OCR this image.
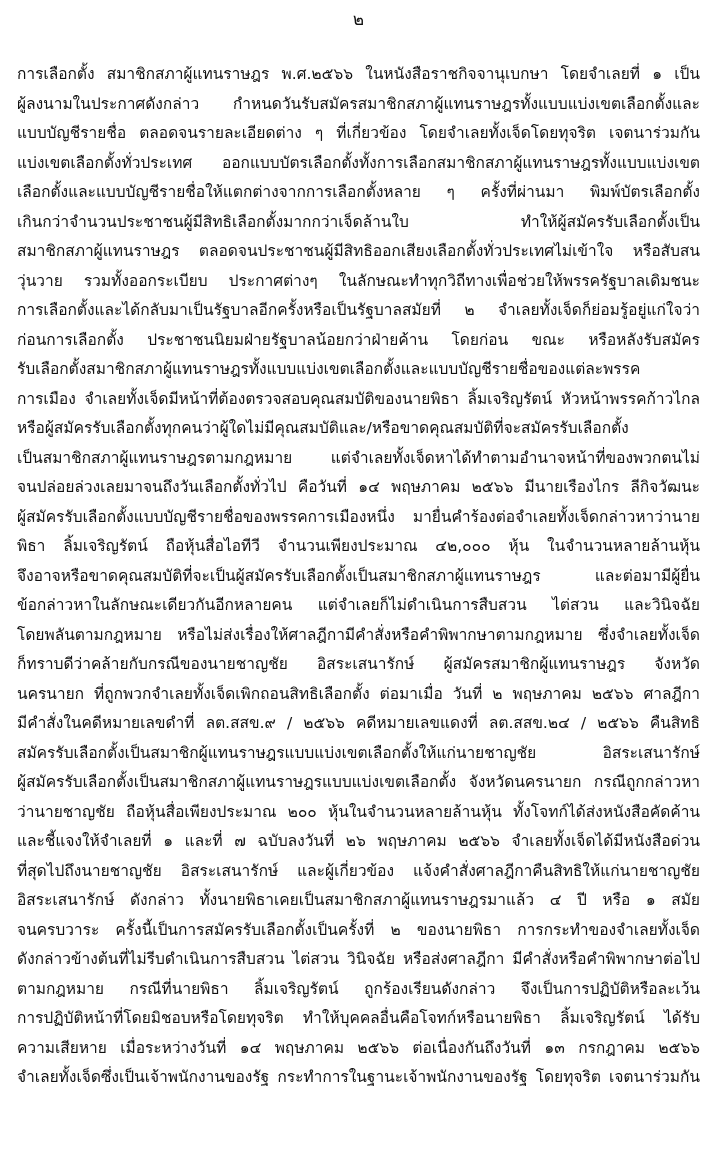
๒
การเลือกตั้ง สมาชิกสภาผู้แทนราษฎร พ.ศ.๒๕๖๖ ในหนังสือราชกิจจานุเบกษา โดยจำเลยที่ ๑ เป็น
ผู้ลงนามในประกาศดังกล่าว กำหนดวันรับสมัครสมาชิกสภาผู้แทนราษฎรทั้งแบบแบ่งเขตเลือกตั้งและ
แบบบัญชีรายชื่อ ตลอดจนรายละเอียดต่าง ๆ ที่เกี่ยวข้อง โดยจำเลยทั้งเจ็ดโดยทุจริต เจตนาร่วมกัน
แบ่งเขตเลือกตั้งทั่วประเทศ ออกแบบบัตรเลือกตั้งทั้งการเลือกสมาชิกสภาผู้แทนราษฎรทั้งแบบแบ่งเขต
เลือกตั้งและแบบบัญชีรายชื่อให้แตกต่างจากการเลือกตั้งหลาย ๆ ครั้งที่ผ่านมา พิมพ์บัตรเลือกตั้ง
เกินกว่าจำนวนประชาชนผู้มีสิทธิเลือกตั้งมากกว่าเจ็ดล้านใบ ทำให้ผู้สมัครรับเลือกตั้งเป็น
สมาชิกสภาผู้แทนราษฎร ตลอดจนประชาชนผู้มีสิทธิออกเสียงเลือกตั้งทั่วประเทศไม่เข้าใจ หรือสับสน
วุ่นวาย รวมทั้งออกระเบียบ ประกาศต่างๆ ในลักษณะทำทุกวิถีทางเพื่อช่วยให้พรรครัฐบาลเดิมชนะ
การเลือกตั้งและได้กลับมาเป็นรัฐบาลอีกครั้งหรือเป็นรัฐบาลสมัยที่ ๒ จำเลยทั้งเจ็ดก็ย่อมรู้อยู่แก่ใจว่า
ก่อนการเลือกตั้ง ประชาชนนิยมฝ่ายรัฐบาลน้อยกว่าฝ่ายค้าน โดยก่อน ขณะ หรือหลังรับสมัคร
รับเลือกตั้งสมาชิกสภาผู้แทนราษฎรทั้งแบบแบ่งเขตเลือกตั้งและแบบบัญชีรายชื่อของแต่ละพรรค
การเมือง จำเลยทั้งเจ็ดมีหน้าที่ต้องตรวจสอบคุณสมบัติของนายพิธา ลิ้มเจริญรัตน์ หัวหน้าพรรคก้าวไกล
หรือผู้สมัครรับเลือกตั้งทุกคนว่าผู้ใดไม่มีคุณสมบัติและ/หรือขาดคุณสมบัติที่จะสมัครรับเลือกตั้ง
เป็นสมาชิกสภาผู้แทนราษฎรตามกฎหมาย แต่จำเลยทั้งเจ็ดหาได้ทำตามอำนาจหน้าที่ของพวกตนไม่
จนปล่อยล่วงเลยมาจนถึงวันเลือกตั้งทั่วไป คือวันที่ ๑๔ พฤษภาคม ๒๕๖๖ มีนายเรืองไกร ลีกิจวัฒนะ
ผู้สมัครรับเลือกตั้งแบบบัญชีรายชื่อของพรรคการเมืองหนึ่ง มายื่นคำร้องต่อจำเลยทั้งเจ็ดกล่าวหาว่านาย
พิธา ลิ้มเจริญรัตน์ ถือหุ้นสื่อไอทีวี จำนวนเพียงประมาณ ๔๒,๐๐๐ หุ้น ในจำนวนหลายล้านหุ้น
จึงอาจหรือขาดคุณสมบัติที่จะเป็นผู้สมัครรับเลือกตั้งเป็นสมาชิกสภาผู้แทนราษฎร และต่อมามีผู้ยื่น
ข้อกล่าวหาในลักษณะเดียวกันอีกหลายคน แต่จำเลยก็ไม่ดำเนินการสืบสวน ไต่สวน และวินิจฉัย
โดยพลันตามกฎหมาย หรือไม่ส่งเรื่องให้ศาลฎีกามีคำสั่งหรือคำพิพากษาตามกฎหมาย ซึ่งจำเลยทั้งเจ็ด
ก็ทราบดีว่าคล้ายกับกรณีของนายชาญชัย อิสระเสนารักษ์ ผู้สมัครสมาชิกผู้แทนราษฎร จังหวัด
นครนายก ที่ถูกพวกจำเลยทั้งเจ็ดเพิกถอนสิทธิเลือกตั้ง ต่อมาเมื่อ วันที่ ๒ พฤษภาคม ๒๕๖๖ ศาลฎีกา
มีคำสั่งในคดีหมายเลขดำที่ ลต.สสข.๙ / ๒๕๖๖ คดีหมายเลขแดงที่ ลต.สสข.๒๔ / ๒๕๖๖ คืนสิทธิ
สมัครรับเลือกตั้งเป็นสมาชิกผู้แทนราษฎรแบบแบ่งเขตเลือกตั้งให้แก่นายชาญชัย อิสระเสนารักษ์
ผู้สมัครรับเลือกตั้งเป็นสมาชิกสภาผู้แทนราษฎรแบบแบ่งเขตเลือกตั้ง จังหวัดนครนายก กรณีถูกกล่าวหา
ว่านายชาญชัย ถือหุ้นสื่อเพียงประมาณ ๒๐๐ หุ้นในจำนวนหลายล้านหุ้น ทั้งโจทก์ได้ส่งหนังสือคัดค้าน
และชี้แจงให้จำเลยที่ ๑ และที่ ๗ ฉบับลงวันที่ ๒๖ พฤษภาคม ๒๕๖๖ จำเลยทั้งเจ็ดได้มีหนังสือด่วน
ที่สุดไปถึงนายชาญชัย อิสระเสนารักษ์ และผู้เกี่ยวข้อง แจ้งคำสั่งศาลฎีกาคืนสิทธิให้แก่นายชาญชัย
อิสระเสนารักษ์ ดังกล่าว ทั้งนายพิธาเคยเป็นสมาชิกสภาผู้แทนราษฎรมาแล้ว ๔ ปี หรือ ๑ สมัย
จนครบวาระ ครั้งนี้เป็นการสมัครรับเลือกตั้งเป็นครั้งที่ ๒ ของนายพิธา การกระทำของจำเลยทั้งเจ็ด
ดังกล่าวข้างต้นที่ไม่รีบดำเนินการสืบสวน ไต่สวน วินิจฉัย หรือส่งศาลฎีกา มีคำสั่งหรือคำพิพากษาต่อไป
ตามกฎหมาย กรณีที่นายพิธา ลิ้มเจริญรัตน์ ถูกร้องเรียนดังกล่าว จึงเป็นการปฏิบัติหรือละเว้น
การปฏิบัติหน้าที่โดยมิชอบหรือโดยทุจริต ทำให้บุคคลอื่นคือโจทก์หรือนายพิธา ลิ้มเจริญรัตน์ ได้รับ
ความเสียหาย เมื่อระหว่างวันที่ ๑๔ พฤษภาคม ๒๕๖๖ ต่อเนื่องกันถึงวันที่ ๑๓ กรกฎาคม ๒๕๖๖
จำเลยทั้งเจ็ดซึ่งเป็นเจ้าพนักงานของรัฐ กระทำการในฐานะเจ้าพนักงานของรัฐ โดยทุจริต เจตนาร่วมกัน
